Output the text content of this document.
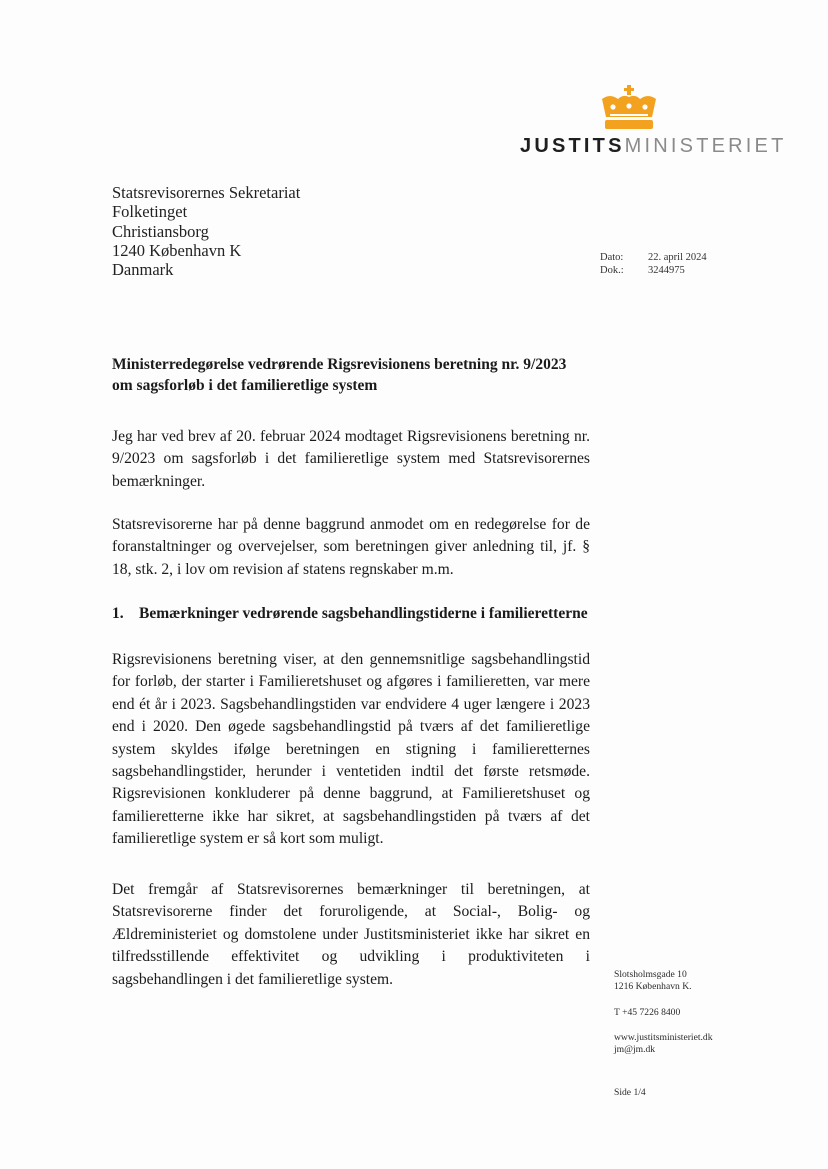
JUSTITSMINISTERIET
Statsrevisorernes Sekretariat
Folketinget
Christiansborg
1240 København K
Danmark
Dato:	22. april 2024
Dok.:	3244975
Ministerredegørelse vedrørende Rigsrevisionens beretning nr. 9/2023 om sagsforløb i det familieretlige system
Jeg har ved brev af 20. februar 2024 modtaget Rigsrevisionens beretning nr. 9/2023 om sagsforløb i det familieretlige system med Statsrevisorernes bemærkninger.
Statsrevisorerne har på denne baggrund anmodet om en redegørelse for de foranstaltninger og overvejelser, som beretningen giver anledning til, jf. § 18, stk. 2, i lov om revision af statens regnskaber m.m.
1. Bemærkninger vedrørende sagsbehandlingstiderne i familieretterne
Rigsrevisionens beretning viser, at den gennemsnitlige sagsbehandlingstid for forløb, der starter i Familieretshuset og afgøres i familieretten, var mere end ét år i 2023. Sagsbehandlingstiden var endvidere 4 uger længere i 2023 end i 2020. Den øgede sagsbehandlingstid på tværs af det familieretlige system skyldes ifølge beretningen en stigning i familieretternes sagsbehandlingstider, herunder i ventetiden indtil det første retsmøde. Rigsrevisionen konkluderer på denne baggrund, at Familieretshuset og familieretterne ikke har sikret, at sagsbehandlingstiden på tværs af det familieretlige system er så kort som muligt.
Det fremgår af Statsrevisorernes bemærkninger til beretningen, at Statsrevisorerne finder det foruroligende, at Social-, Bolig- og Ældreministeriet og domstolene under Justitsministeriet ikke har sikret en tilfredsstillende effektivitet og udvikling i produktiviteten i sagsbehandlingen i det familieretlige system.	Slotsholmsgade 10
1216 København K.
T +45 7226 8400
www.justitsministeriet.dk
jm@jm.dk
Side 1/4
